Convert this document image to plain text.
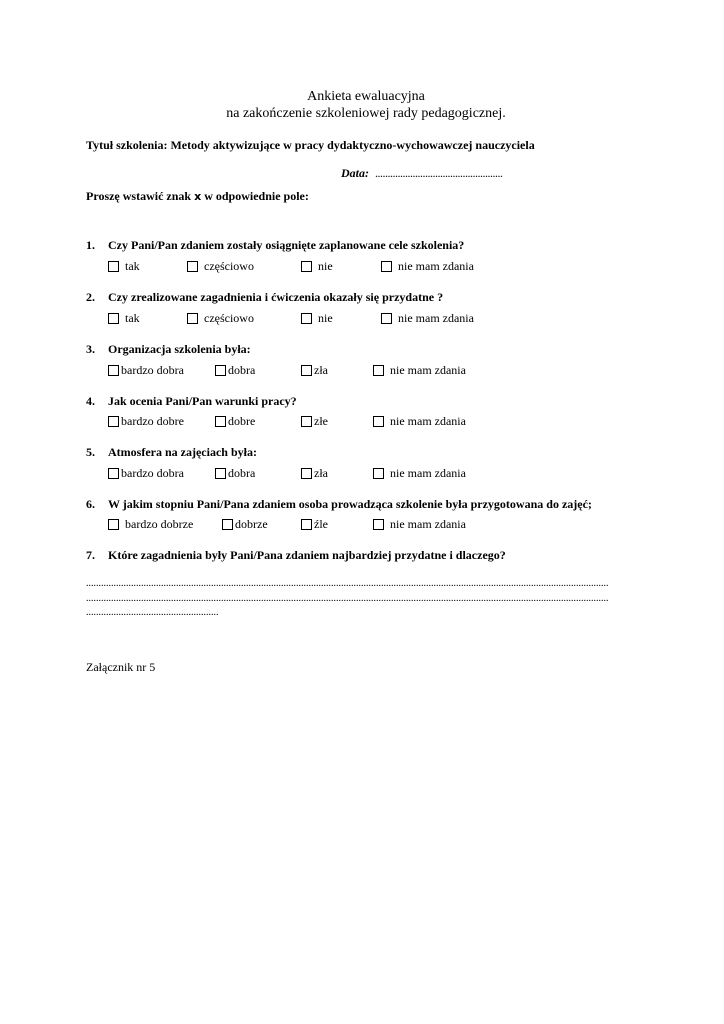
Ankieta ewaluacyjna
na zakończenie szkoleniowej rady pedagogicznej.
Tytuł szkolenia: Metody aktywizujące w pracy dydaktyczno-wychowawczej nauczyciela
Data: ...................................................
Proszę wstawić znak x w odpowiednie pole:
1. Czy Pani/Pan zdaniem zostały osiągnięte zaplanowane cele szkolenia?
tak	częściowo	nie	nie mam zdania
2. Czy zrealizowane zagadnienia i ćwiczenia okazały się przydatne ?
tak	częściowo	nie	nie mam zdania
3. Organizacja szkolenia była:
bardzo dobra	dobra	zła	nie mam zdania
4. Jak ocenia Pani/Pan warunki pracy?
bardzo dobre	dobre	złe	nie mam zdania
5. Atmosfera na zajęciach była:
bardzo dobra	dobra	zła	nie mam zdania
6. W jakim stopniu Pani/Pana zdaniem osoba prowadząca szkolenie była przygotowana do zajęć;
bardzo dobrze	dobrze	źle	nie mam zdania
7. Które zagadnienia były Pani/Pana zdaniem najbardziej przydatne i dlaczego?
.................................................................................................................................................................................................................
.................................................................................................................................................................................................................
.....................................................
Załącznik nr 5
